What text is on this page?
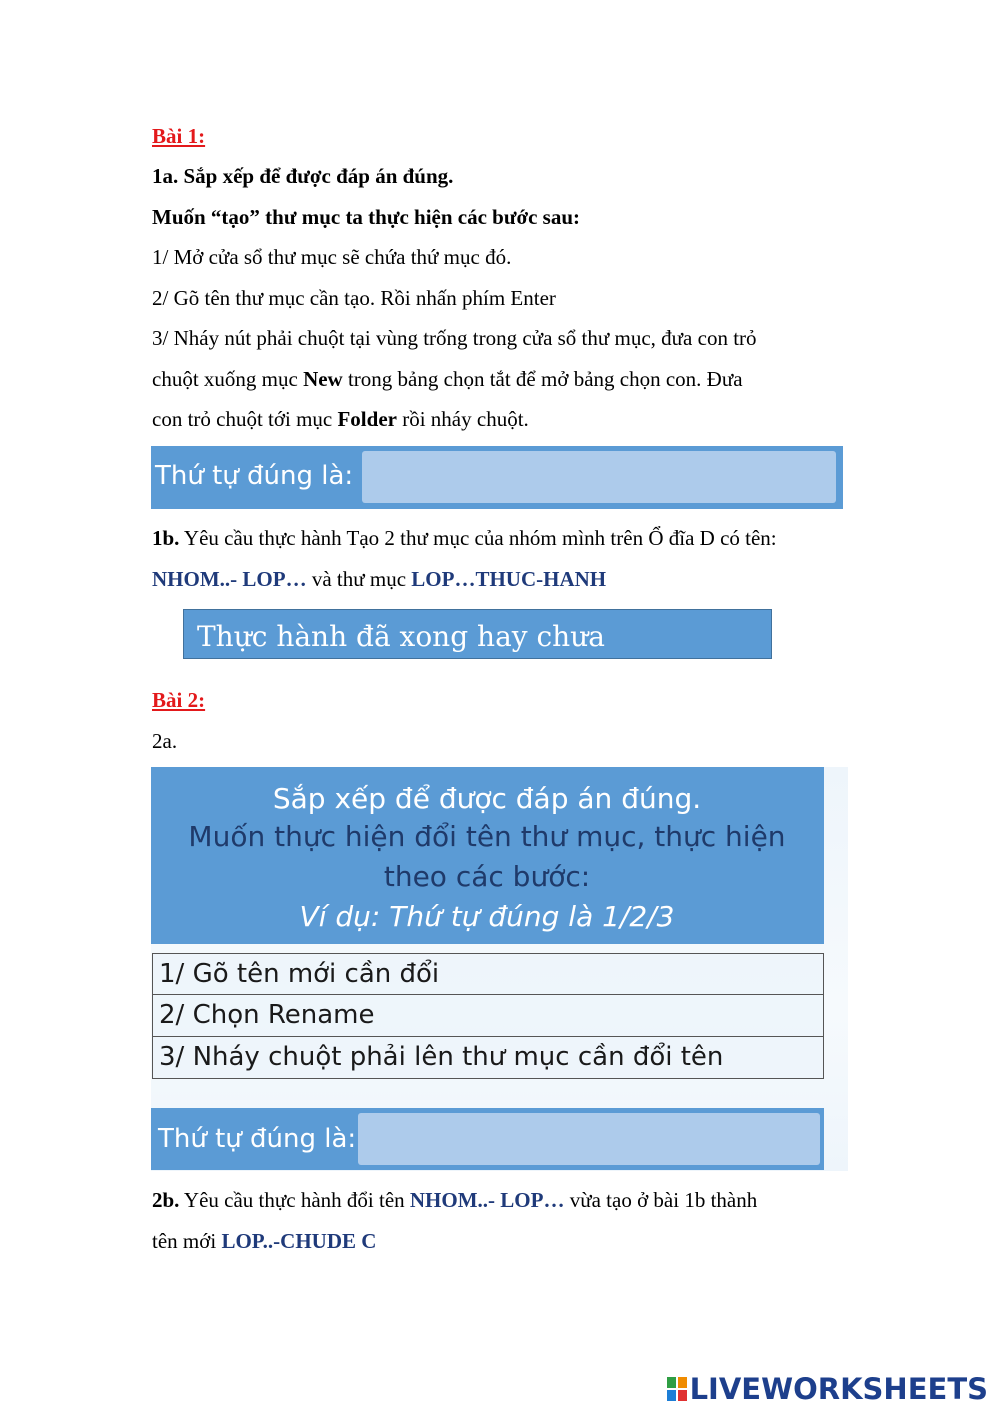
Bài 1:
1a. Sắp xếp để được đáp án đúng.
Muốn “tạo” thư mục ta thực hiện các bước sau:
1/ Mở cửa sổ thư mục sẽ chứa thứ mục đó.
2/ Gõ tên thư mục cần tạo. Rồi nhấn phím Enter
3/ Nháy nút phải chuột tại vùng trống trong cửa sổ thư mục, đưa con trỏ
chuột xuống mục New trong bảng chọn tắt để mở bảng chọn con. Đưa
con trỏ chuột tới mục Folder rồi nháy chuột.
Thứ tự đúng là:
1b. Yêu cầu thực hành Tạo 2 thư mục của nhóm mình trên Ổ đĩa D có tên:
NHOM..- LOP… và thư mục LOP…THUC-HANH
Thực hành đã xong hay chưa
Bài 2:
2a.
Sắp xếp để được đáp án đúng.
Muốn thực hiện đổi tên thư mục, thực hiện
theo các bước:
Ví dụ: Thứ tự đúng là 1/2/3
1/ Gõ tên mới cần đổi
2/ Chọn Rename
3/ Nháy chuột phải lên thư mục cần đổi tên
Thứ tự đúng là:
2b. Yêu cầu thực hành đổi tên NHOM..- LOP… vừa tạo ở bài 1b thành
tên mới LOP..-CHUDE C
LIVEWORKSHEETS
